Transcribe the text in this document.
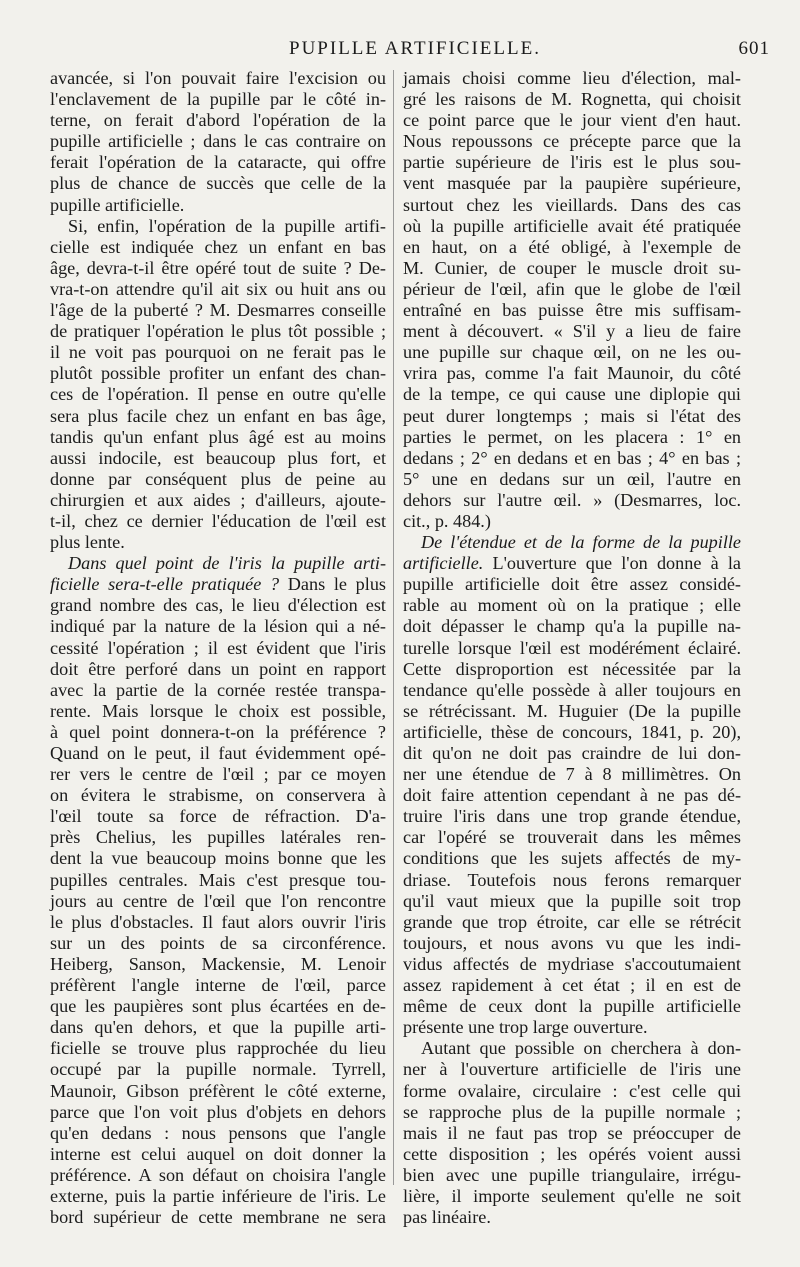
PUPILLE ARTIFICIELLE.	601
avancée, si l'on pouvait faire l'excision ou
l'enclavement de la pupille par le côté in-
terne, on ferait d'abord l'opération de la
pupille artificielle ; dans le cas contraire on
ferait l'opération de la cataracte, qui offre
plus de chance de succès que celle de la
pupille artificielle.
Si, enfin, l'opération de la pupille artifi-
cielle est indiquée chez un enfant en bas
âge, devra-t-il être opéré tout de suite ? De-
vra-t-on attendre qu'il ait six ou huit ans ou
l'âge de la puberté ? M. Desmarres conseille
de pratiquer l'opération le plus tôt possible ;
il ne voit pas pourquoi on ne ferait pas le
plutôt possible profiter un enfant des chan-
ces de l'opération. Il pense en outre qu'elle
sera plus facile chez un enfant en bas âge,
tandis qu'un enfant plus âgé est au moins
aussi indocile, est beaucoup plus fort, et
donne par conséquent plus de peine au
chirurgien et aux aides ; d'ailleurs, ajoute-
t-il, chez ce dernier l'éducation de l'œil est
plus lente.
Dans quel point de l'iris la pupille arti-
ficielle sera-t-elle pratiquée ? Dans le plus
grand nombre des cas, le lieu d'élection est
indiqué par la nature de la lésion qui a né-
cessité l'opération ; il est évident que l'iris
doit être perforé dans un point en rapport
avec la partie de la cornée restée transpa-
rente. Mais lorsque le choix est possible,
à quel point donnera-t-on la préférence ?
Quand on le peut, il faut évidemment opé-
rer vers le centre de l'œil ; par ce moyen
on évitera le strabisme, on conservera à
l'œil toute sa force de réfraction. D'a-
près Chelius, les pupilles latérales ren-
dent la vue beaucoup moins bonne que les
pupilles centrales. Mais c'est presque tou-
jours au centre de l'œil que l'on rencontre
le plus d'obstacles. Il faut alors ouvrir l'iris
sur un des points de sa circonférence.
Heiberg, Sanson, Mackensie, M. Lenoir
préfèrent l'angle interne de l'œil, parce
que les paupières sont plus écartées en de-
dans qu'en dehors, et que la pupille arti-
ficielle se trouve plus rapprochée du lieu
occupé par la pupille normale. Tyrrell,
Maunoir, Gibson préfèrent le côté externe,
parce que l'on voit plus d'objets en dehors
qu'en dedans : nous pensons que l'angle
interne est celui auquel on doit donner la
préférence. A son défaut on choisira l'angle
externe, puis la partie inférieure de l'iris. Le
bord supérieur de cette membrane ne sera
jamais choisi comme lieu d'élection, mal-
gré les raisons de M. Rognetta, qui choisit
ce point parce que le jour vient d'en haut.
Nous repoussons ce précepte parce que la
partie supérieure de l'iris est le plus sou-
vent masquée par la paupière supérieure,
surtout chez les vieillards. Dans des cas
où la pupille artificielle avait été pratiquée
en haut, on a été obligé, à l'exemple de
M. Cunier, de couper le muscle droit su-
périeur de l'œil, afin que le globe de l'œil
entraîné en bas puisse être mis suffisam-
ment à découvert. « S'il y a lieu de faire
une pupille sur chaque œil, on ne les ou-
vrira pas, comme l'a fait Maunoir, du côté
de la tempe, ce qui cause une diplopie qui
peut durer longtemps ; mais si l'état des
parties le permet, on les placera : 1° en
dedans ; 2° en dedans et en bas ; 4° en bas ;
5° une en dedans sur un œil, l'autre en
dehors sur l'autre œil. » (Desmarres, loc.
cit., p. 484.)
De l'étendue et de la forme de la pupille
artificielle. L'ouverture que l'on donne à la
pupille artificielle doit être assez considé-
rable au moment où on la pratique ; elle
doit dépasser le champ qu'a la pupille na-
turelle lorsque l'œil est modérément éclairé.
Cette disproportion est nécessitée par la
tendance qu'elle possède à aller toujours en
se rétrécissant. M. Huguier (De la pupille
artificielle, thèse de concours, 1841, p. 20),
dit qu'on ne doit pas craindre de lui don-
ner une étendue de 7 à 8 millimètres. On
doit faire attention cependant à ne pas dé-
truire l'iris dans une trop grande étendue,
car l'opéré se trouverait dans les mêmes
conditions que les sujets affectés de my-
driase. Toutefois nous ferons remarquer
qu'il vaut mieux que la pupille soit trop
grande que trop étroite, car elle se rétrécit
toujours, et nous avons vu que les indi-
vidus affectés de mydriase s'accoutumaient
assez rapidement à cet état ; il en est de
même de ceux dont la pupille artificielle
présente une trop large ouverture.
Autant que possible on cherchera à don-
ner à l'ouverture artificielle de l'iris une
forme ovalaire, circulaire : c'est celle qui
se rapproche plus de la pupille normale ;
mais il ne faut pas trop se préoccuper de
cette disposition ; les opérés voient aussi
bien avec une pupille triangulaire, irrégu-
lière, il importe seulement qu'elle ne soit
pas linéaire.
